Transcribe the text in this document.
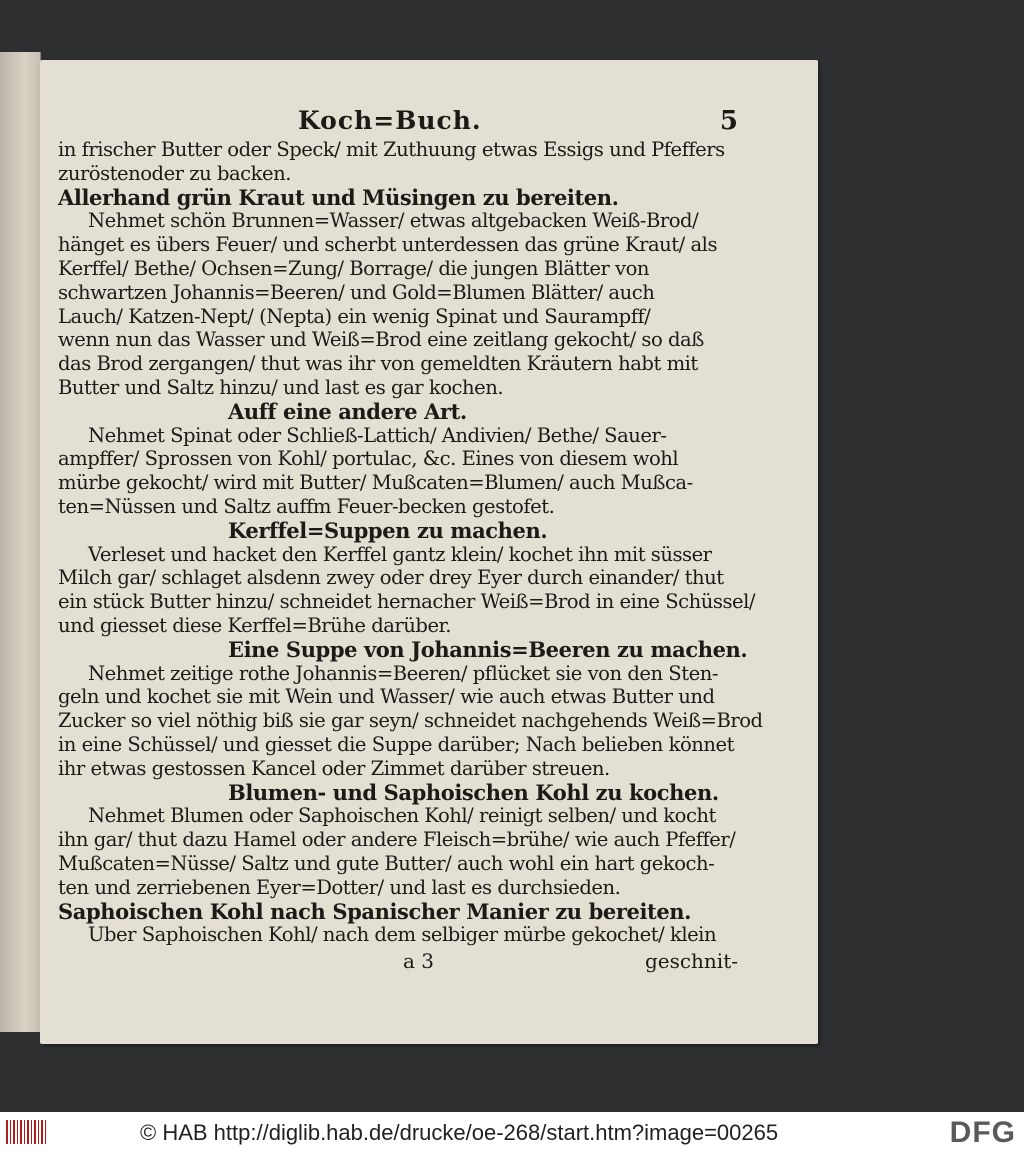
Koch=Buch.	5
in frischer Butter oder Speck/ mit Zuthuung etwas Essigs und Pfeffers
zuröstenoder zu backen.
Allerhand grün Kraut und Müsingen zu bereiten.
Nehmet schön Brunnen=Wasser/ etwas altgebacken Weiß-Brod/
hänget es übers Feuer/ und scherbt unterdessen das grüne Kraut/ als
Kerffel/ Bethe/ Ochsen=Zung/ Borrage/ die jungen Blätter von
schwartzen Johannis=Beeren/ und Gold=Blumen Blätter/ auch
Lauch/ Katzen-Nept/ (Nepta) ein wenig Spinat und Saurampff/
wenn nun das Wasser und Weiß=Brod eine zeitlang gekocht/ so daß
das Brod zergangen/ thut was ihr von gemeldten Kräutern habt mit
Butter und Saltz hinzu/ und last es gar kochen.
Auff eine andere Art.
Nehmet Spinat oder Schließ-Lattich/ Andivien/ Bethe/ Sauer-
ampffer/ Sprossen von Kohl/ portulac, &c. Eines von diesem wohl
mürbe gekocht/ wird mit Butter/ Mußcaten=Blumen/ auch Mußca-
ten=Nüssen und Saltz auffm Feuer-becken gestofet.
Kerffel=Suppen zu machen.
Verleset und hacket den Kerffel gantz klein/ kochet ihn mit süsser
Milch gar/ schlaget alsdenn zwey oder drey Eyer durch einander/ thut
ein stück Butter hinzu/ schneidet hernacher Weiß=Brod in eine Schüssel/
und giesset diese Kerffel=Brühe darüber.
Eine Suppe von Johannis=Beeren zu machen.
Nehmet zeitige rothe Johannis=Beeren/ pflücket sie von den Sten-
geln und kochet sie mit Wein und Wasser/ wie auch etwas Butter und
Zucker so viel nöthig biß sie gar seyn/ schneidet nachgehends Weiß=Brod
in eine Schüssel/ und giesset die Suppe darüber; Nach belieben könnet
ihr etwas gestossen Kancel oder Zimmet darüber streuen.
Blumen- und Saphoischen Kohl zu kochen.
Nehmet Blumen oder Saphoischen Kohl/ reinigt selben/ und kocht
ihn gar/ thut dazu Hamel oder andere Fleisch=brühe/ wie auch Pfeffer/
Mußcaten=Nüsse/ Saltz und gute Butter/ auch wohl ein hart gekoch-
ten und zerriebenen Eyer=Dotter/ und last es durchsieden.
Saphoischen Kohl nach Spanischer Manier zu bereiten.
Uber Saphoischen Kohl/ nach dem selbiger mürbe gekochet/ klein
a 3	geschnit-
© HAB http://diglib.hab.de/drucke/oe-268/start.htm?image=00265	DFG
